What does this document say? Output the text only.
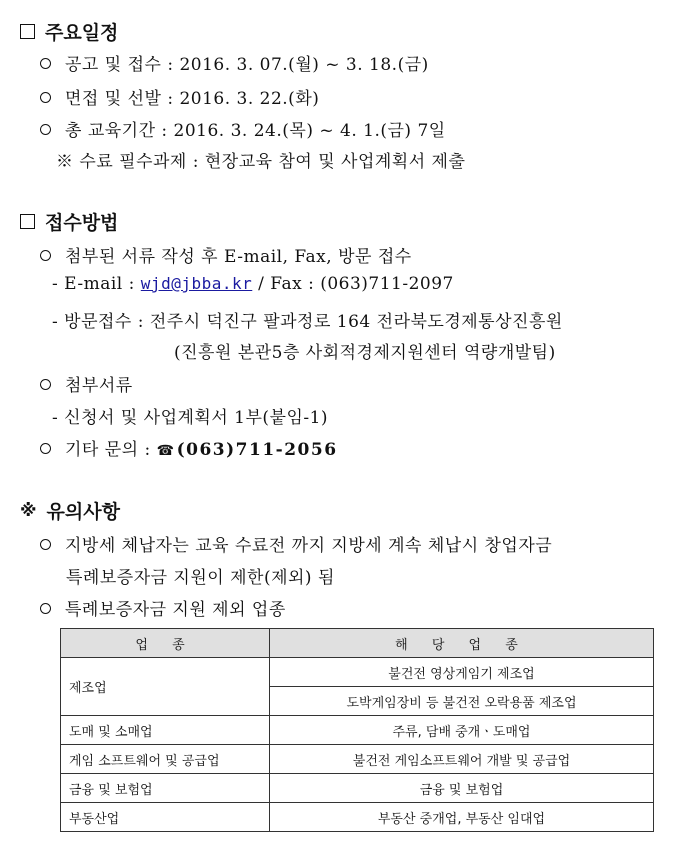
주요일정
공고 및 접수 : 2016. 3. 07.(월) ~ 3. 18.(금)
면접 및 선발 : 2016. 3. 22.(화)
총 교육기간 : 2016. 3. 24.(목) ~ 4. 1.(금) 7일
※ 수료 필수과제 : 현장교육 참여 및 사업계획서 제출
접수방법
첨부된 서류 작성 후 E-mail, Fax, 방문 접수
- E-mail : wjd@jbba.kr / Fax : (063)711-2097
- 방문접수 : 전주시 덕진구 팔과정로 164 전라북도경제통상진흥원
(진흥원 본관5층 사회적경제지원센터 역량개발팀)
첨부서류
- 신청서 및 사업계획서 1부(붙임-1)
기타 문의 : ☎ (063)711-2056
※ 유의사항
지방세 체납자는 교육 수료전 까지 지방세 계속 체납시 창업자금
특례보증자금 지원이 제한(제외) 됨
특례보증자금 지원 제외 업종
업 종	해 당 업 종
제조업	불건전 영상게임기 제조업
	도박게임장비 등 불건전 오락용품 제조업
도매 및 소매업	주류, 담배 중개ㆍ도매업
게임 소프트웨어 및 공급업	불건전 게임소프트웨어 개발 및 공급업
금융 및 보험업	금융 및 보험업
부동산업	부동산 중개업, 부동산 임대업
